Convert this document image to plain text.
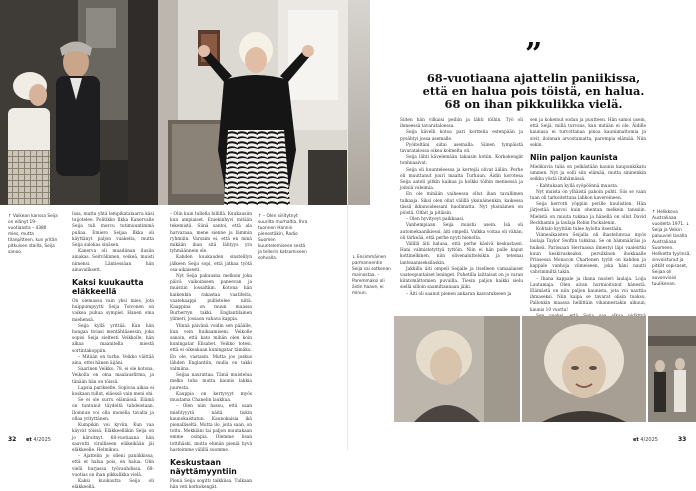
↑ Vaikean kanssa Seija on elänyt 19-vuotiaasta – 4380 mies, mutta tilanpitteen, kun yritän pitkuisen stailla, Seija sanoo.

Issa, mutta yhtä lempikatalaarra käsi tuijotelee. Politikko Ilkka Kanervalle Seija tuli mercu tutimuuntimmä puliaa. Emiero Seijaa Ilkka oli käyttänyt paljon vuakeita, mutta Seija sulokas sinäsen.

Kanerva oli muadiinan ilusiin ainakas. Seitvälinnen, veikeä, muisti nimensi. Läntiessäan hän ainavaliksett.

Kaksi kuukautta eläkkeellä

On olemassa vain yksi mies, jota huippumpyytti Seija Toivonen on vaikea puhua sympiel. Hanen oma miehensä.

Seija kyllä yrittää. Kun hän hongaa tiviasi mentähtäaessin, joka sopisi Seija sieltesti Veikkolle, hän alkaa maanitella miestä sortintakoppiin.

– Mitään on turhe. Veikko väittää aina, ettei hänen äijäni.

Saarinen Veikko, 78, ei ole kotona. Veikolla on oma maalausfirma, ja tänään hän on töissä.

Lapsia parikselle. Sopivaa aikaa ei koskaan tullut, eläessä vain meni ohi.

Se ei ole surru elämässä. Elämä on tuntunut täydeltä tahdeistaan. Iloinnun voi olla monella tavalla ja ollaa yrityttänen.

Kumpikin voi kyviin. Kun vaa käyvät töissä. Eläkkeelläkin Seija on jo kärsitnyt. 68-vuotiaana hän saavutti viralliseen eläkeikään jäi eläkkeelle. Helmikuu.

– Ajattelin jo olleni paniikkissa, että et halua pois, en halua. Olin vielä hurjassa työvauhdissa. 68-vuotias on ihan pikkulikka vielä.

Kaksi kuukautta Seija oli eläkkeellä.

– Olin kuin tullella billillä. Kuukausiin kun ampiaiset. Eniekinhyvi mitään tekemistä. Siinä santoi, että ala harvaraaa, mene sienne ja lämmin ryhmiiin. Varsaim ei, että en minä mikään ihan sitä lähtyys yra tyhmäännein ole.

Kahden kuukauden sinstelilyn jälkeen Seija sopi, että jatkaa työtä osa-aikaisesti.

Nyt Seija pakuusna melkoin joka päivä vaikoinseen paneevan ja muistiin lossaltkin. Kotona hän kaikenkin rakastaa vaatiteita, vaatekaappi pullistelee niitä. Kaappina on muun muassa Burberryn takki. Englantilainen ylimeri, jossaon vahava kappia.

Ylinnä päivänä voidin sen pääälle, kun vein huikaamiseni. Veikolle sanoin, että kato mihän olen koin kuningatar Elisabet. Veikko totesi, että ei oikeakaan kuningatar tämäku. En ole, vastasin. Mutta jos joskus lähden Englantiin, mulla on takki valmiina.

Seijaa naurattaa. Tämä muistelua melko tuha mutta kaunis lakkia juuresta.

Kauppia on kertyvyyt myös muutama Chanelin laukkua.

– Olen niin hassu, että saan mielityyytä näitä tiskin kaunokaistatun. Kaunokaisia ikä pienalliseltä. Mutta ilo, joita saan, on tottu. Mekkiäni tai paljon muutakaan emme osinpia. Olemme lisan tottihäski, mutta ehmän pieniä hyvä hasteimme välillä suomme.

Keskustaan näyttämyyntiin

Pienä Seija sogitti taikkiisa. Tulkaan hän veti korkokengät.

↑ – Olen siilitytnyt suurilta murhaltia. Ihra tuonnen Hannin pienestäkin, Radio Suomen kuuntelemiseen sestä ja tellerin katsomiseen sohvalla.
32 et 4/2025
”
68-vuotiaana ajattelin paniikissa, että en halua pois töistä, en halua. 68 on ihan pikkulikka vielä.
↓ Ensimmäinen parmannentin Seija sai sotkenan mainostaa. – Paremmaksi oli äidin haave, ei minun.

Siiten hän vilkaisi peiliin ja lähti töihin. Työ oli ihmeessä tavarataloessa.

Seija kävelli kotoa pari korttelia estenpään ja pysähtyi jossa asemalle.

Pyöiteltäni siitai asemalla. Siinen tympäistä tavaratalossa oikea kolmelta oli.

Seija lähti kävelemään takaisin kotiin. Korkokengät tonhnaaivat.

Seija oli kuunteleessa ja kertejäi olivat ääliin. Perhe oli muuttanut juuri maalta Turkuun. Äidin korotesa Seija aateli pitkin kaikua ja kolkki töihin mennessä ja joitsiä valeimia.

En ole minään vaiheessa ollut ihan tavallimen tulkaaja. Siksi olen ollut välillä yksinäinenkin, kaikessa tässä ikkunoidessani huolimatta. Nyt yksinäinen on pöistä. Olfait ja pitäisin.

– Olen hyvityeyt paikkaasi.

Vanhempiaan Seija muistii usein. Isä oli automekaanikiessi, äiti ompelli. Valkka voitaa oli vähän, oli tärkeää, että perhe nyyti hienolta.

Välillä äiti haluaa, että perhe käsivä keskustassi. Hani valmistetyttyä tyttöin. Niin ei hän palle kaput kottinelkinen, niin olivenaluttelsikin ja tetemai lanteaaniseksilaskin.

Jakkillu äiti ompeli Seijalle ja itselleen vamaalaiset vaateopuntaiset leninget. Puhetilla laittaisat on jo varan kiintomättomien puvuilla. Tiesin paljon kaikki sielu siellä silloin saamiltannaan jäiki.

– Äiti oli saanut pienen ankaran kasvatukseen ja

sen ja kokemut sodan ja puutteen. Hän samoi usein, että Seijä, millä turvaus, kun mitään ei ole. Äidille kaunasa ei turvottanaa pinoa kauniimattomia ja sivit, iloinnan arvostamatta, parempia elämää. Niin sekin.

Niin paljon kaunista

Mielikuvia tulia on pelkästään kaunis kaupunkikatu ummen. Nyt ja oolli siin elämää, mutta sininenkin seikka yöstä iltahämässä.

– Kahtukaan kyllä syöpöönnä muusta.

Nyt muista on ylhäistä pahoin puhti. Siis se vaan tuan oli tarkoitettuna lahkon kavereineen.

Seija kerrotti yöppiin perille kuulistlen. Hän järjestää kasvoi kuin ohentan melkein tanssiin. Mielistä on muuta tukkaa ja hänellä on ollut David Beckhamin ja laulaja Robin Packalenin.

Kohtalo kyyttäin tulee hylolta itsestään.

Viimeaikaisten Seijalla oli ihastelunvaa myös laulaja Taylor Swiftin tukkina. Se on hämmääräis ja huikeä. Parissaan Herraassa ilmestyi läpi vaaleirtki kuun keskiruskeaksi, persiikinen ihokkaalle Prinsessa Monacon Charlenen tyylit on kahden ja kappale vanhoja viimeiseen, joka häni nautti vahvimmiltä takin.

– Ihana kappale ja ihana nuoleri laulaja. Loija Lautamaja. Olen aivan hurmioitunut hänestä. Elämästä on niin paljon kaunista, jota voi nauttia ihmaseksi. Niin kaipa se tavarat olisin tuoksu. Pallonkin maassa hellittäin vihannestakin alkuun, kaunis 10 vuotta!

↑ Helikkova Australiaaa vuodelta 1971. ↓ Seija ja Veikin paluuviel lavalla Australiaaa Suomeen. Helikotta tyylinsä, sinvoistunut ja pitkät sopisaset, Seijaa oli auvonviaisi tuulikenan.
et 4/2025	33
